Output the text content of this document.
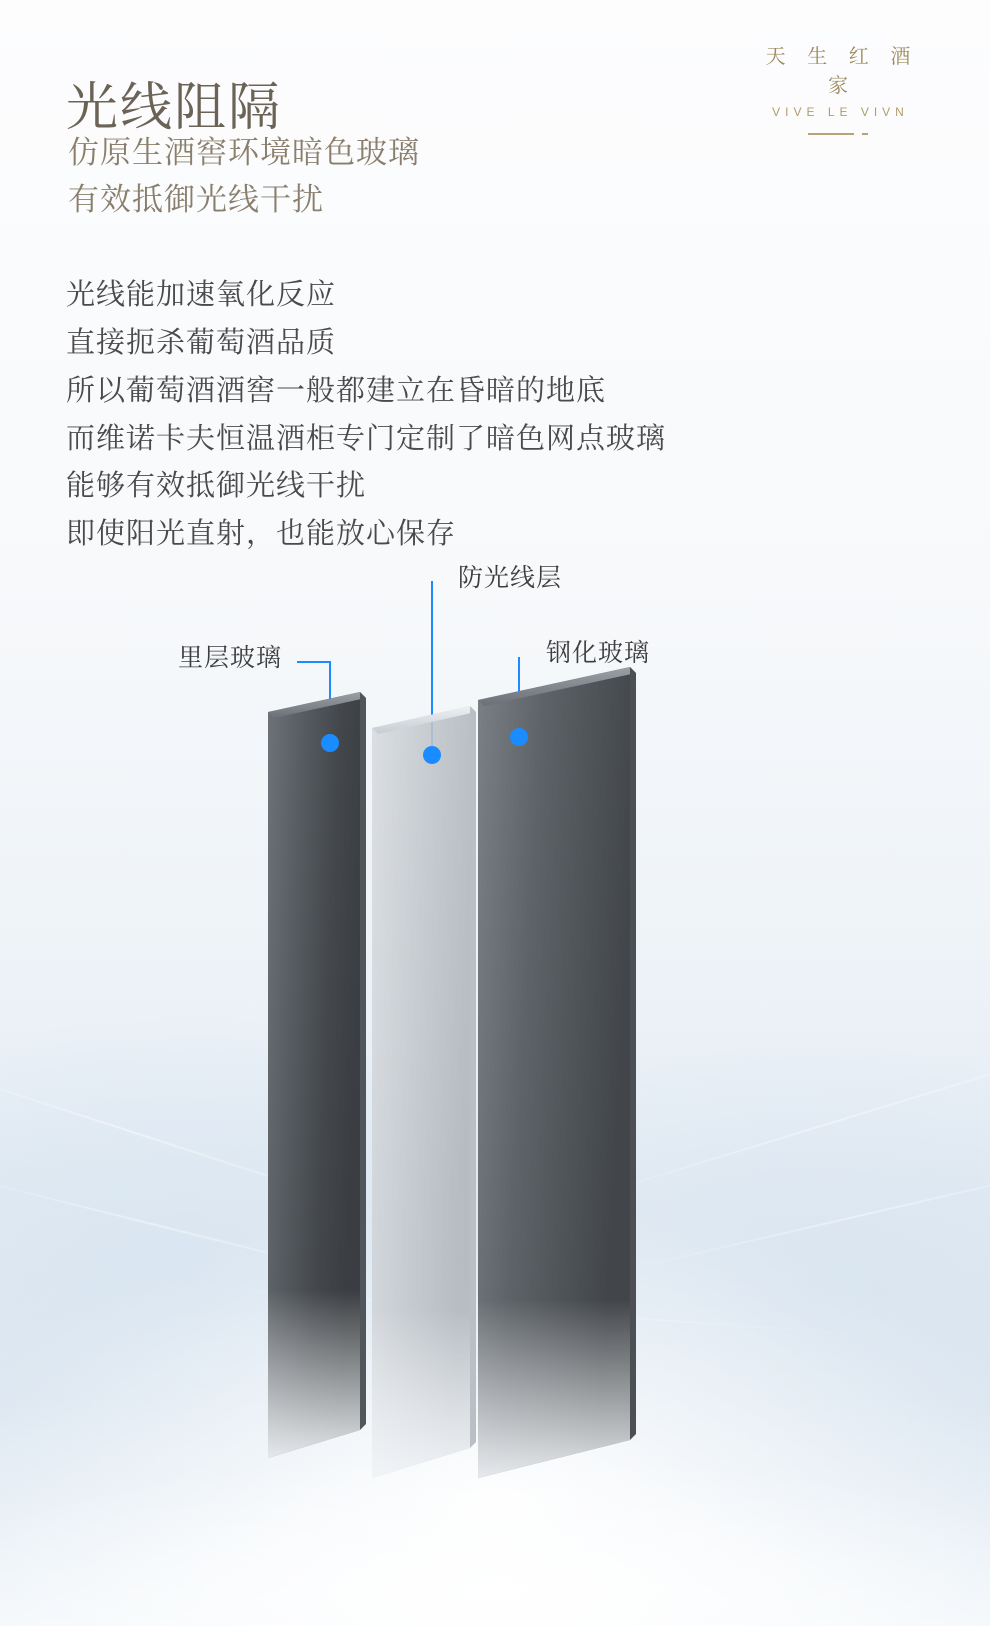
光线阻隔
仿原生酒窖环境暗色玻璃
有效抵御光线干扰
天 生 红 酒 家
VIVE LE VIVN
光线能加速氧化反应
直接扼杀葡萄酒品质
所以葡萄酒酒窖一般都建立在昏暗的地底
而维诺卡夫恒温酒柜专门定制了暗色网点玻璃
能够有效抵御光线干扰
即使阳光直射，也能放心保存
里层玻璃
防光线层
钢化玻璃
